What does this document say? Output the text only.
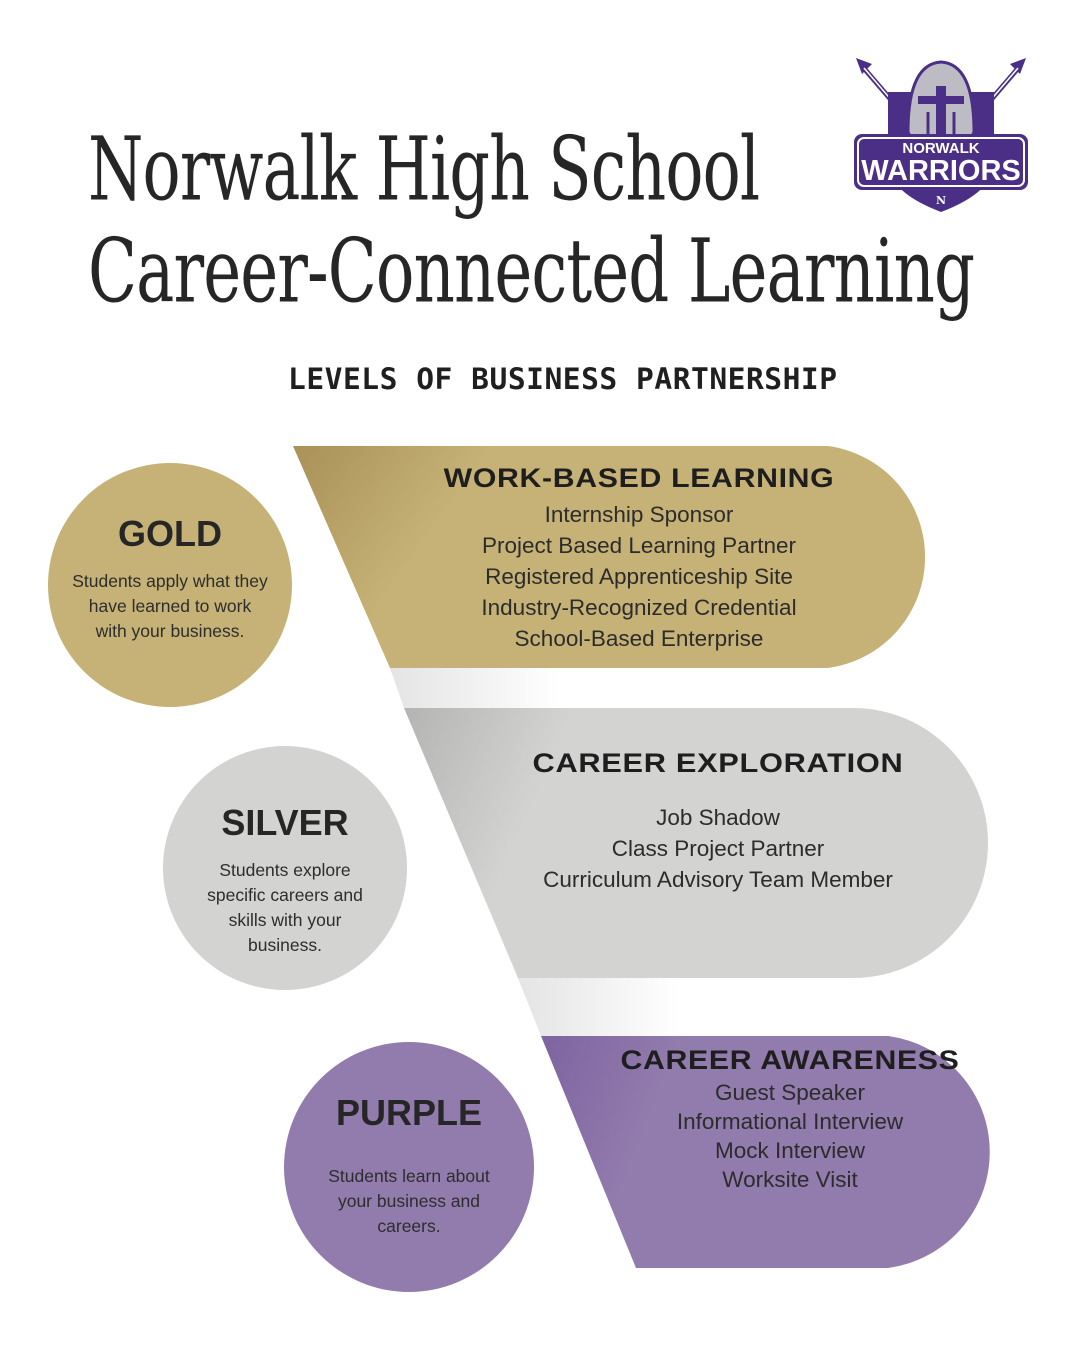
Norwalk High School
Career-Connected Learning
NORWALK
WARRIORS
N
LEVELS OF BUSINESS PARTNERSHIP
WORK-BASED LEARNING
Internship Sponsor
Project Based Learning Partner
Registered Apprenticeship Site
Industry-Recognized Credential
School-Based Enterprise
CAREER EXPLORATION
Job Shadow
Class Project Partner
Curriculum Advisory Team Member
CAREER AWARENESS
Guest Speaker
Informational Interview
Mock Interview
Worksite Visit

GOLD

Students apply what they have learned to work with your business.

SILVER

Students explore specific careers and skills with your business.

PURPLE

Students learn about your business and careers.
